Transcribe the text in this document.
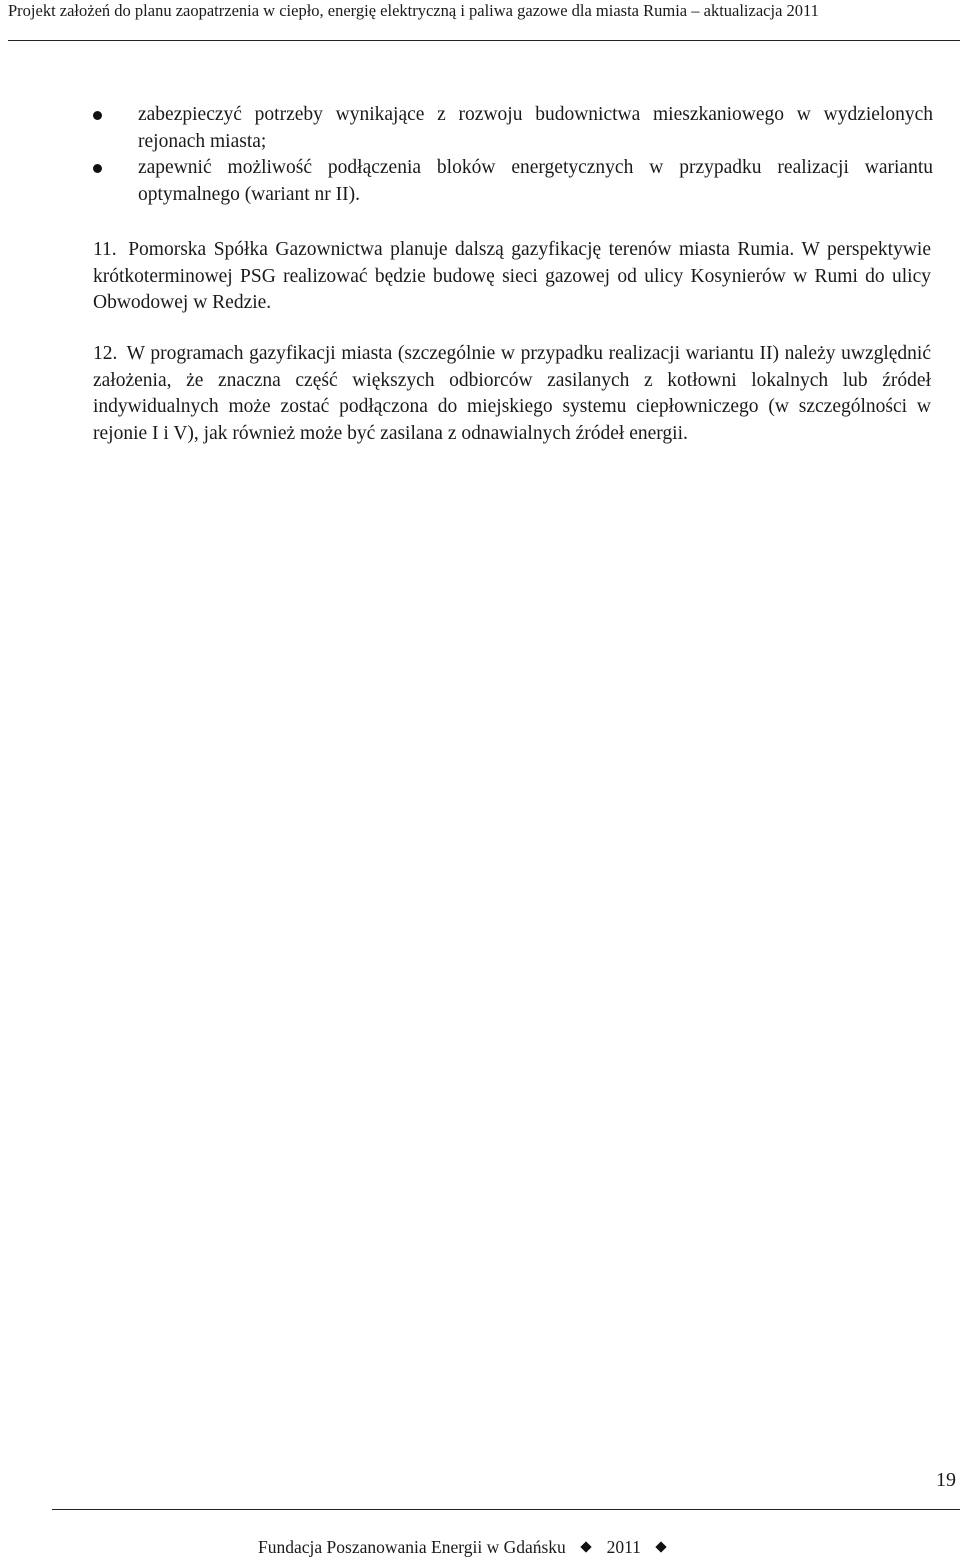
Projekt założeń do planu zaopatrzenia w ciepło, energię elektryczną i paliwa gazowe dla miasta Rumia – aktualizacja 2011
zabezpieczyć potrzeby wynikające z rozwoju budownictwa mieszkaniowego w wydzielonych rejonach miasta;
zapewnić możliwość podłączenia bloków energetycznych w przypadku realizacji wariantu optymalnego (wariant nr II).

11. Pomorska Spółka Gazownictwa planuje dalszą gazyfikację terenów miasta Rumia. W perspektywie krótkoterminowej PSG realizować będzie budowę sieci gazowej od ulicy Kosynierów w Rumi do ulicy Obwodowej w Redzie.

12. W programach gazyfikacji miasta (szczególnie w przypadku realizacji wariantu II) należy uwzględnić założenia, że znaczna część większych odbiorców zasilanych z kotłowni lokalnych lub źródeł indywidualnych może zostać podłączona do miejskiego systemu ciepłowniczego (w szczególności w rejonie I i V), jak również może być zasilana z odnawialnych źródeł energii.

19
Fundacja Poszanowania Energii w Gdańsku 2011
